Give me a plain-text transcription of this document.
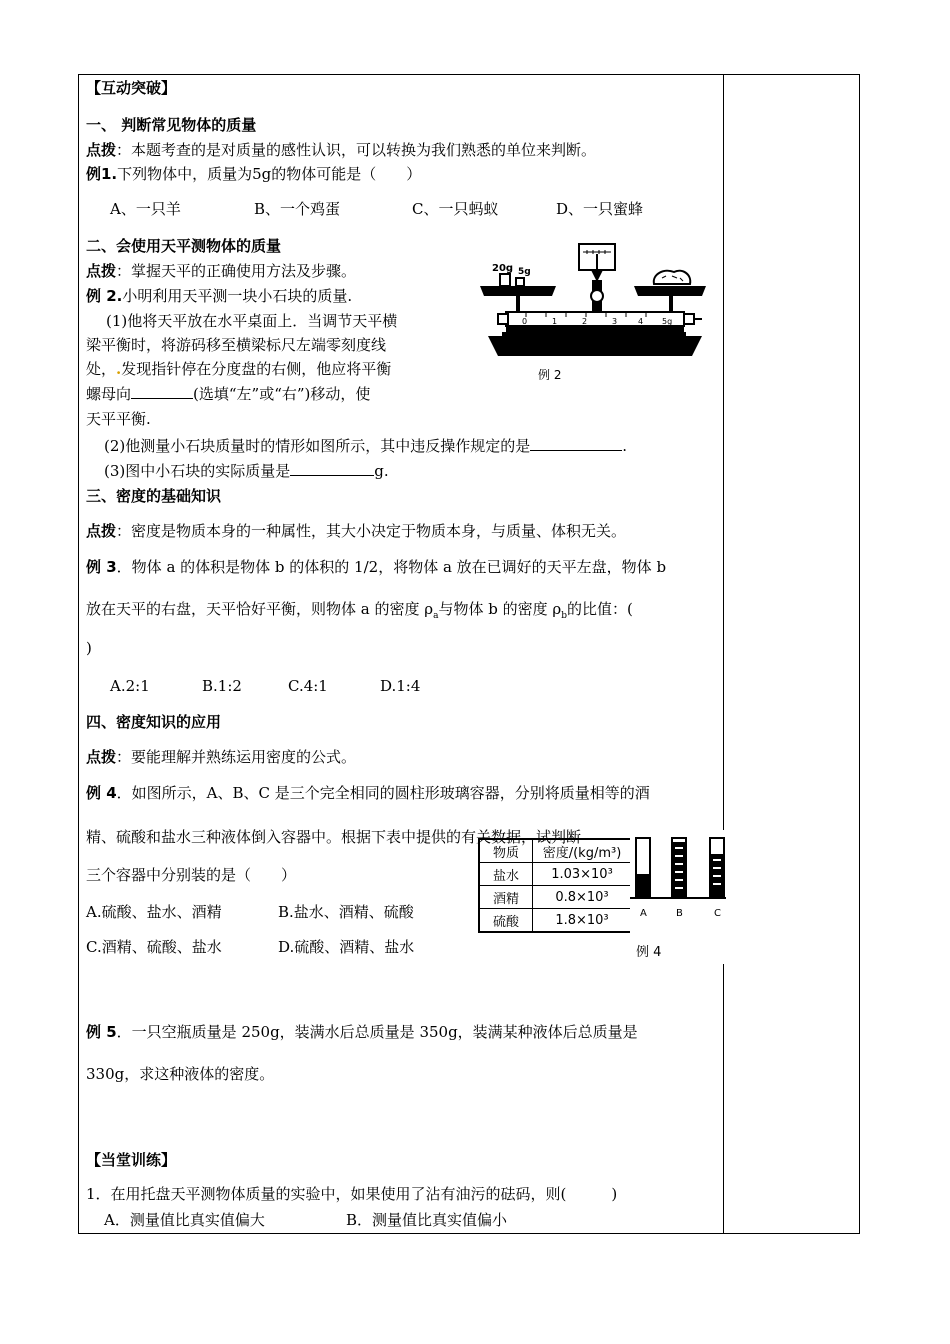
【互动突破】
一、 判断常见物体的质量
点拨：本题考查的是对质量的感性认识，可以转换为我们熟悉的单位来判断。
例1.下列物体中，质量为5g的物体可能是（　　）
A、一只羊	B、一个鸡蛋	C、一只蚂蚁	D、一只蜜蜂
二、会使用天平测物体的质量
点拨：掌握天平的正确使用方法及步骤。
例 2.小明利用天平测一块小石块的质量.
(1)他将天平放在水平桌面上．当调节天平横
梁平衡时，将游码移至横梁标尺左端零刻度线
处，.发现指针停在分度盘的右侧，他应将平衡
螺母向	(选填“左”或“右”)移动，使
天平平衡.
(2)他测量小石块质量时的情形如图所示，其中违反操作规定的是	.
(3)图中小石块的实际质量是	g.
20g 5g
0	1	2	3	4 5g
例 2
三、密度的基础知识
点拨：密度是物质本身的一种属性，其大小决定于物质本身，与质量、体积无关。
例 3．物体 a 的体积是物体 b 的体积的 1/2，将物体 a 放在已调好的天平左盘，物体 b
放在天平的右盘，天平恰好平衡，则物体 a 的密度 $\rho_a$与物体 b 的密度 $\rho_b$的比值：(
)
A.2:1	B.1:2	C.4:1	D.1:4
四、密度知识的应用
点拨：要能理解并熟练运用密度的公式。
例 4．如图所示，A、B、C 是三个完全相同的圆柱形玻璃容器，分别将质量相等的酒
精、硫酸和盐水三种液体倒入容器中。根据下表中提供的有关数据，试判断
三个容器中分别装的是（　　）
A.硫酸、盐水、酒精	B.盐水、酒精、硫酸
C.酒精、硫酸、盐水	D.硫酸、酒精、盐水
物质	密度/(kg/m³)
盐水	1.03×10³
酒精	0.8×10³
硫酸	1.8×10³	A	B	C
例 4
例 5．一只空瓶质量是 250g，装满水后总质量是 350g，装满某种液体后总质量是
330g，求这种液体的密度。
【当堂训练】
1．在用托盘天平测物体质量的实验中，如果使用了沾有油污的砝码，则(　　　)
A．测量值比真实值偏大	B．测量值比真实值偏小
